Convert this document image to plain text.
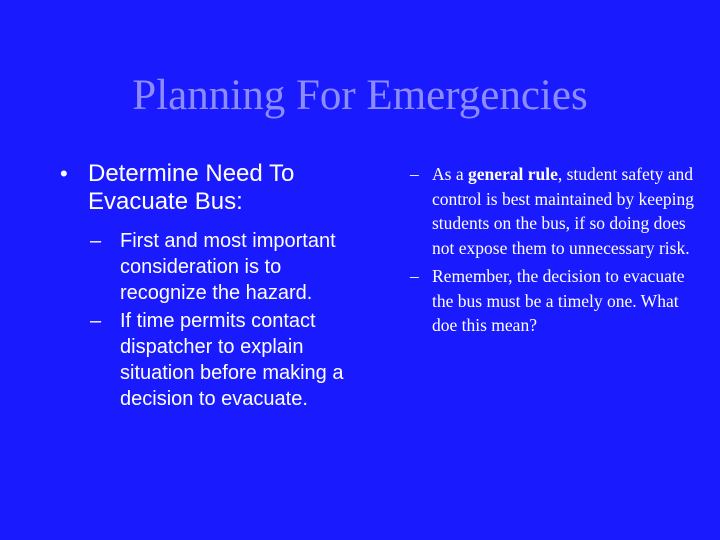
Planning For Emergencies
• Determine Need To Evacuate Bus:
– First and most important consideration is to recognize the hazard.
– If time permits contact dispatcher to explain situation before making a decision to evacuate.
– As a general rule, student safety and control is best maintained by keeping students on the bus, if so doing does not expose them to unnecessary risk.
– Remember, the decision to evacuate the bus must be a timely one. What doe this mean?
